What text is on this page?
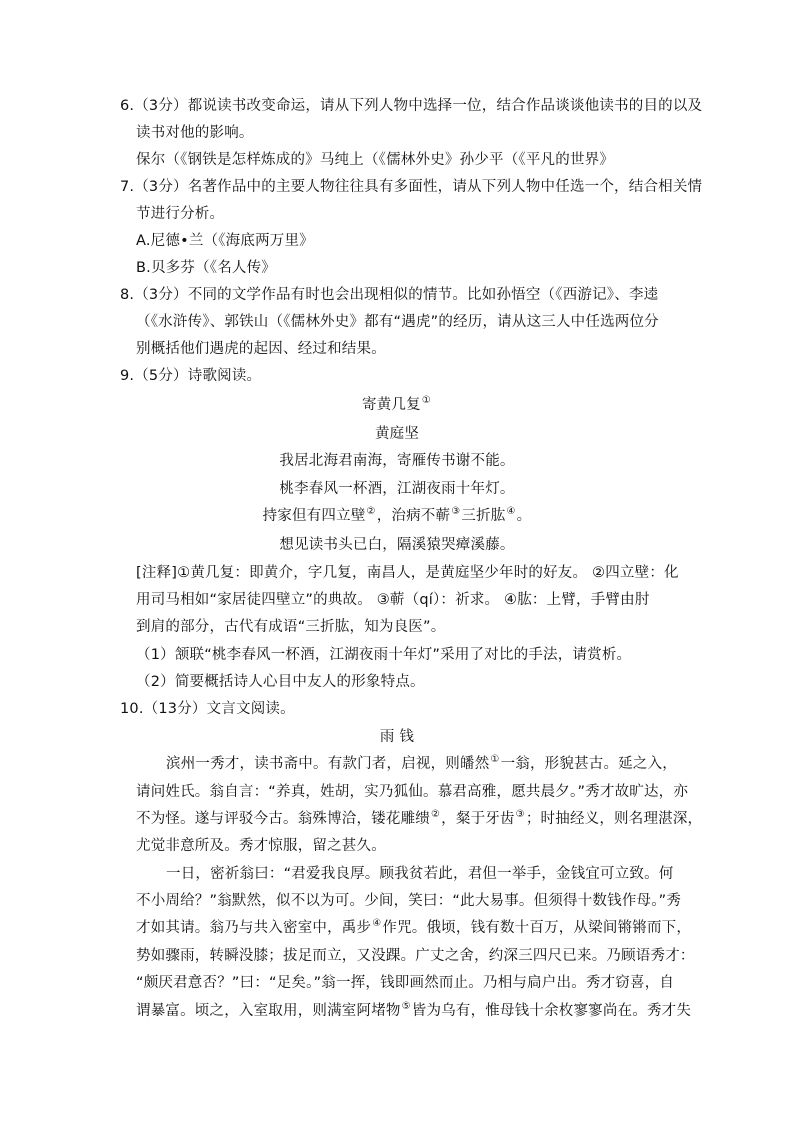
6.（3分）都说读书改变命运，请从下列人物中选择一位，结合作品谈谈他读书的目的以及
读书对他的影响。
保尔（《钢铁是怎样炼成的》马纯上（《儒林外史》孙少平（《平凡的世界》
7.（3分）名著作品中的主要人物往往具有多面性，请从下列人物中任选一个，结合相关情
节进行分析。
A.尼德•兰（《海底两万里》
B.贝多芬（《名人传》
8.（3分）不同的文学作品有时也会出现相似的情节。比如孙悟空（《西游记》、李逵
（《水浒传》、郭铁山（《儒林外史》都有“遇虎”的经历，请从这三人中任选两位分
别概括他们遇虎的起因、经过和结果。
9.（5分）诗歌阅读。
寄黄几复①
黄庭坚
我居北海君南海，寄雁传书谢不能。
桃李春风一杯酒，江湖夜雨十年灯。
持家但有四立壁②，治病不蕲③三折肱④。
想见读书头已白，隔溪猿哭瘴溪藤。
[注释]①黄几复：即黄介，字几复，南昌人，是黄庭坚少年时的好友。 ②四立壁：化
用司马相如“家居徒四壁立”的典故。 ③蕲（qí）：祈求。 ④肱：上臂，手臂由肘
到肩的部分，古代有成语“三折肱，知为良医”。
（1）颔联“桃李春风一杯酒，江湖夜雨十年灯”采用了对比的手法，请赏析。
（2）简要概括诗人心目中友人的形象特点。
10.（13分）文言文阅读。
雨 钱
滨州一秀才，读书斋中。有款门者，启视，则皤然①一翁，形貌甚古。延之入，
请问姓氏。翁自言：“养真，姓胡，实乃狐仙。慕君高雅，愿共晨夕。”秀才故旷达，亦
不为怪。遂与评驳今古。翁殊博洽，镂花雕缋②，粲于牙齿③；时抽经义，则名理湛深，
尤觉非意所及。秀才惊服，留之甚久。
一日，密祈翁曰：“君爱我良厚。顾我贫若此，君但一举手，金钱宜可立致。何
不小周给？”翁默然，似不以为可。少间，笑曰：“此大易事。但须得十数钱作母。”秀
才如其请。翁乃与共入密室中，禹步④作咒。俄顷，钱有数十百万，从梁间锵锵而下，
势如骤雨，转瞬没膝；拔足而立，又没踝。广丈之舍，约深三四尺已来。乃顾语秀才：
“颇厌君意否？”曰：“足矣。”翁一挥，钱即画然而止。乃相与扃户出。秀才窃喜，自
谓暴富。顷之，入室取用，则满室阿堵物⑤皆为乌有，惟母钱十余枚寥寥尚在。秀才失
